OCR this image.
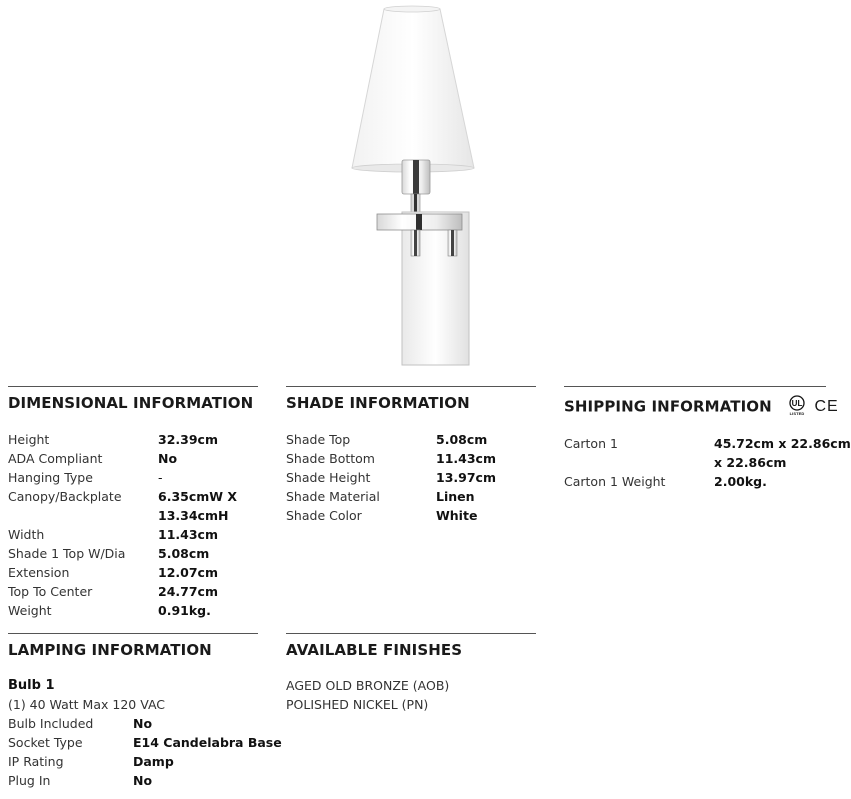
DIMENSIONAL INFORMATION
Height	32.39cm
ADA Compliant	No
Hanging Type	-
Canopy/Backplate	6.35cmW X
13.34cmH
Width	11.43cm
Shade 1 Top W/Dia	5.08cm
Extension	12.07cm
Top To Center	24.77cm
Weight	0.91kg.
SHADE INFORMATION
Shade Top	5.08cm
Shade Bottom	11.43cm
Shade Height	13.97cm
Shade Material	Linen
Shade Color	White
SHIPPING INFORMATION UL
LISTED CE
Carton 1	45.72cm x 22.86cm
x 22.86cm
Carton 1 Weight	2.00kg.
LAMPING INFORMATION
Bulb 1
(1) 40 Watt Max 120 VAC
Bulb Included	No
Socket Type	E14 Candelabra Base
IP Rating	Damp
Plug In	No
AVAILABLE FINISHES
AGED OLD BRONZE (AOB)
POLISHED NICKEL (PN)
